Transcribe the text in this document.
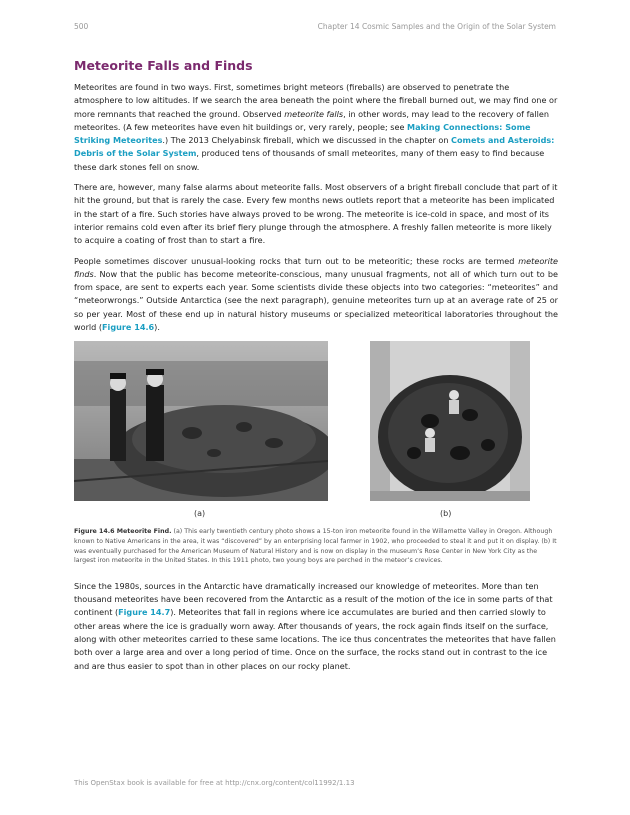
500	Chapter 14 Cosmic Samples and the Origin of the Solar System
Meteorite Falls and Finds

Meteorites are found in two ways. First, sometimes bright meteors (fireballs) are observed to penetrate the atmosphere to low altitudes. If we search the area beneath the point where the fireball burned out, we may find one or more remnants that reached the ground. Observed meteorite falls, in other words, may lead to the recovery of fallen meteorites. (A few meteorites have even hit buildings or, very rarely, people; see Making Connections: Some Striking Meteorites.) The 2013 Chelyabinsk fireball, which we discussed in the chapter on Comets and Asteroids: Debris of the Solar System, produced tens of thousands of small meteorites, many of them easy to find because these dark stones fell on snow.

There are, however, many false alarms about meteorite falls. Most observers of a bright fireball conclude that part of it hit the ground, but that is rarely the case. Every few months news outlets report that a meteorite has been implicated in the start of a fire. Such stories have always proved to be wrong. The meteorite is ice-cold in space, and most of its interior remains cold even after its brief fiery plunge through the atmosphere. A freshly fallen meteorite is more likely to acquire a coating of frost than to start a fire.

People sometimes discover unusual-looking rocks that turn out to be meteoritic; these rocks are termed meteorite finds. Now that the public has become meteorite-conscious, many unusual fragments, not all of which turn out to be from space, are sent to experts each year. Some scientists divide these objects into two categories: “meteorites” and “meteorwrongs.” Outside Antarctica (see the next paragraph), genuine meteorites turn up at an average rate of 25 or so per year. Most of these end up in natural history museums or specialized meteoritical laboratories throughout the world (Figure 14.6).

(a)	(b)
Figure 14.6 Meteorite Find. (a) This early twentieth century photo shows a 15-ton iron meteorite found in the Willamette Valley in Oregon. Although known to Native Americans in the area, it was “discovered” by an enterprising local farmer in 1902, who proceeded to steal it and put it on display. (b) It was eventually purchased for the American Museum of Natural History and is now on display in the museum’s Rose Center in New York City as the largest iron meteorite in the United States. In this 1911 photo, two young boys are perched in the meteor’s crevices.

Since the 1980s, sources in the Antarctic have dramatically increased our knowledge of meteorites. More than ten thousand meteorites have been recovered from the Antarctic as a result of the motion of the ice in some parts of that continent (Figure 14.7). Meteorites that fall in regions where ice accumulates are buried and then carried slowly to other areas where the ice is gradually worn away. After thousands of years, the rock again finds itself on the surface, along with other meteorites carried to these same locations. The ice thus concentrates the meteorites that have fallen both over a large area and over a long period of time. Once on the surface, the rocks stand out in contrast to the ice and are thus easier to spot than in other places on our rocky planet.

This OpenStax book is available for free at http://cnx.org/content/col11992/1.13
